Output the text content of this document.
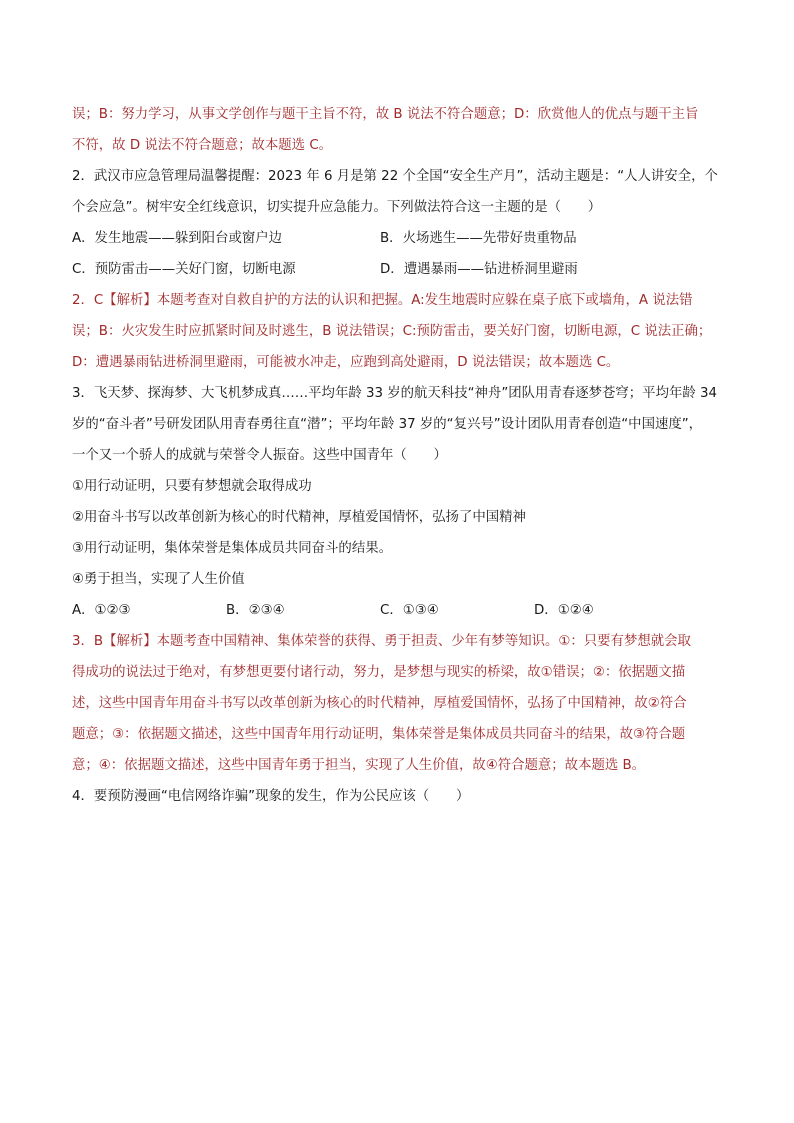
误；B：努力学习，从事文学创作与题干主旨不符，故 B 说法不符合题意；D：欣赏他人的优点与题干主旨
不符，故 D 说法不符合题意；故本题选 C。
2．武汉市应急管理局温馨提醒：2023 年 6 月是第 22 个全国“安全生产月”，活动主题是：“人人讲安全，个
个会应急”。树牢安全红线意识，切实提升应急能力。下列做法符合这一主题的是（　　）
A．发生地震——躲到阳台或窗户边	B．火场逃生——先带好贵重物品
C．预防雷击——关好门窗，切断电源	D．遭遇暴雨——钻进桥洞里避雨
2．C【解析】本题考查对自救自护的方法的认识和把握。A:发生地震时应躲在桌子底下或墙角，A 说法错
误；B：火灾发生时应抓紧时间及时逃生，B 说法错误；C:预防雷击，要关好门窗，切断电源，C 说法正确；
D：遭遇暴雨钻进桥洞里避雨，可能被水冲走，应跑到高处避雨，D 说法错误；故本题选 C。
3．飞天梦、探海梦、大飞机梦成真……平均年龄 33 岁的航天科技“神舟”团队用青春逐梦苍穹；平均年龄 34
岁的“奋斗者”号研发团队用青春勇往直“潜”；平均年龄 37 岁的“复兴号”设计团队用青春创造“中国速度”，
一个又一个骄人的成就与荣誉令人振奋。这些中国青年（　　）
①用行动证明，只要有梦想就会取得成功
②用奋斗书写以改革创新为核心的时代精神，厚植爱国情怀，弘扬了中国精神
③用行动证明，集体荣誉是集体成员共同奋斗的结果。
④勇于担当，实现了人生价值
A．①②③	B．②③④	C．①③④	D．①②④
3．B【解析】本题考查中国精神、集体荣誉的获得、勇于担责、少年有梦等知识。①：只要有梦想就会取
得成功的说法过于绝对，有梦想更要付诸行动，努力，是梦想与现实的桥梁，故①错误；②：依据题文描
述，这些中国青年用奋斗书写以改革创新为核心的时代精神，厚植爱国情怀，弘扬了中国精神，故②符合
题意；③：依据题文描述，这些中国青年用行动证明，集体荣誉是集体成员共同奋斗的结果，故③符合题
意；④：依据题文描述，这些中国青年勇于担当，实现了人生价值，故④符合题意；故本题选 B。
4．要预防漫画“电信网络诈骗”现象的发生，作为公民应该（　　）
